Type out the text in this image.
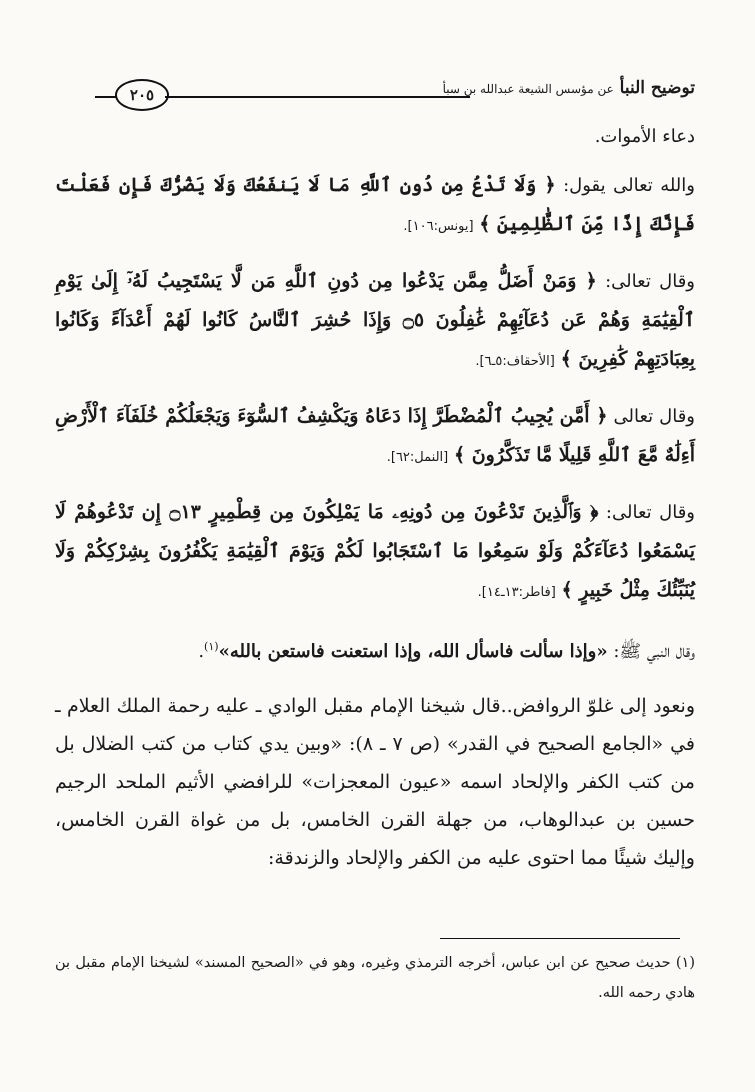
٢٠٥	توضيح النبأ عن مؤسس الشيعة عبدالله بن سبأ

دعاء الأموات.

والله تعالى يقول: ﴿ وَلَا تَدْعُ مِن دُونِ ٱللَّهِ مَا لَا يَنفَعُكَ وَلَا يَضُرُّكَ فَإِن فَعَلْتَ فَإِنَّكَ إِذًا مِّنَ ٱلظَّٰلِمِينَ ﴾ [يونس:١٠٦].

وقال تعالى: ﴿ وَمَنْ أَضَلُّ مِمَّن يَدْعُوا مِن دُونِ ٱللَّهِ مَن لَّا يَسْتَجِيبُ لَهُۥٓ إِلَىٰ يَوْمِ ٱلْقِيَٰمَةِ وَهُمْ عَن دُعَآئِهِمْ غَٰفِلُونَ ۝٥ وَإِذَا حُشِرَ ٱلنَّاسُ كَانُوا لَهُمْ أَعْدَآءً وَكَانُوا بِعِبَادَتِهِمْ كَٰفِرِينَ ﴾ [الأحقاف:٥ـ٦].

وقال تعالى ﴿ أَمَّن يُجِيبُ ٱلْمُضْطَرَّ إِذَا دَعَاهُ وَيَكْشِفُ ٱلسُّوٓءَ وَيَجْعَلُكُمْ خُلَفَآءَ ٱلْأَرْضِ أَءِلَٰهٌ مَّعَ ٱللَّهِ قَلِيلًا مَّا تَذَكَّرُونَ ﴾ [النمل:٦٢].

وقال تعالى: ﴿ وَٱلَّذِينَ تَدْعُونَ مِن دُونِهِۦ مَا يَمْلِكُونَ مِن قِطْمِيرٍ ۝١٣ إِن تَدْعُوهُمْ لَا يَسْمَعُوا دُعَآءَكُمْ وَلَوْ سَمِعُوا مَا ٱسْتَجَابُوا لَكُمْ وَيَوْمَ ٱلْقِيَٰمَةِ يَكْفُرُونَ بِشِرْكِكُمْ وَلَا يُنَبِّئُكَ مِثْلُ خَبِيرٍ ﴾ [فاطر:١٣ـ١٤].

وقال النبي ﷺ: «وإذا سألت فاسأل الله، وإذا استعنت فاستعن بالله»$^{(١)}$.

ونعود إلى غلوّ الروافض..قال شيخنا الإمام مقبل الوادي ـ عليه رحمة الملك العلام ـ في «الجامع الصحيح في القدر» (ص ٧ ـ ٨): «وبين يدي كتاب من كتب الضلال بل من كتب الكفر والإلحاد اسمه «عيون المعجزات» للرافضي الأثيم الملحد الرجيم حسين بن عبدالوهاب، من جهلة القرن الخامس، بل من غواة القرن الخامس، وإليك شيئًا مما احتوى عليه من الكفر والإلحاد والزندقة:

(١) حديث صحيح عن ابن عباس، أخرجه الترمذي وغيره، وهو في «الصحيح المسند» لشيخنا الإمام مقبل بن هادي رحمه الله.
